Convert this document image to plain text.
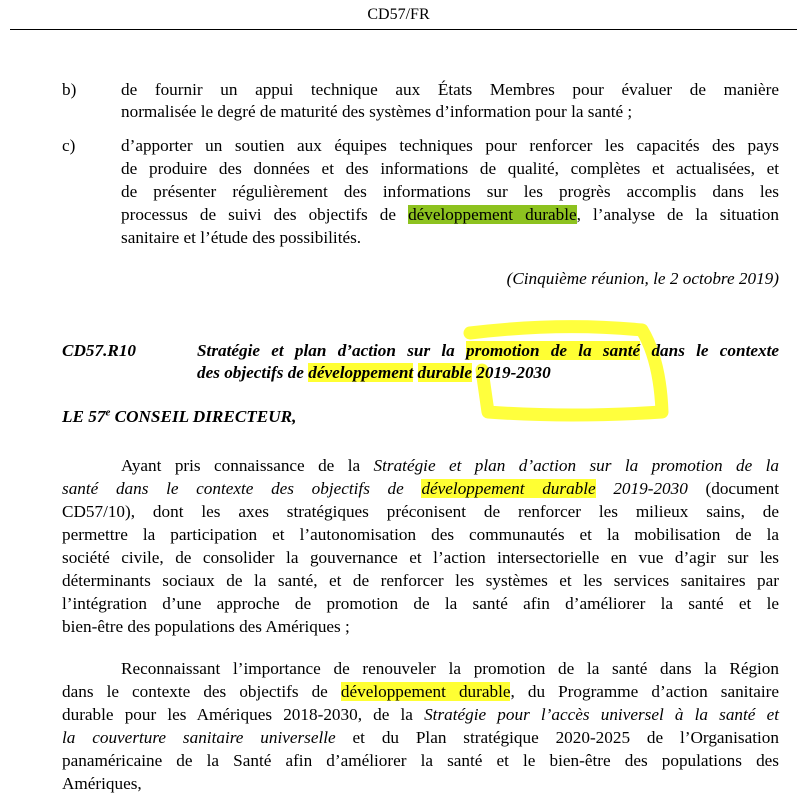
CD57/FR
b)	de fournir un appui technique aux États Membres pour évaluer de manière
normalisée le degré de maturité des systèmes d’information pour la santé ;
c)	d’apporter un soutien aux équipes techniques pour renforcer les capacités des pays
de produire des données et des informations de qualité, complètes et actualisées, et
de présenter régulièrement des informations sur les progrès accomplis dans les
processus de suivi des objectifs de développement durable, l’analyse de la situation
sanitaire et l’étude des possibilités.
(Cinquième réunion, le 2 octobre 2019)
CD57.R10	Stratégie et plan d’action sur la promotion de la santé dans le contexte
des objectifs de développement durable 2019-2030
LE 57e CONSEIL DIRECTEUR,
Ayant pris connaissance de la Stratégie et plan d’action sur la promotion de la
santé dans le contexte des objectifs de développement durable 2019-2030 (document
CD57/10), dont les axes stratégiques préconisent de renforcer les milieux sains, de
permettre la participation et l’autonomisation des communautés et la mobilisation de la
société civile, de consolider la gouvernance et l’action intersectorielle en vue d’agir sur les
déterminants sociaux de la santé, et de renforcer les systèmes et les services sanitaires par
l’intégration d’une approche de promotion de la santé afin d’améliorer la santé et le
bien-être des populations des Amériques ;
Reconnaissant l’importance de renouveler la promotion de la santé dans la Région
dans le contexte des objectifs de développement durable, du Programme d’action sanitaire
durable pour les Amériques 2018-2030, de la Stratégie pour l’accès universel à la santé et
la couverture sanitaire universelle et du Plan stratégique 2020-2025 de l’Organisation
panaméricaine de la Santé afin d’améliorer la santé et le bien-être des populations des
Amériques,
